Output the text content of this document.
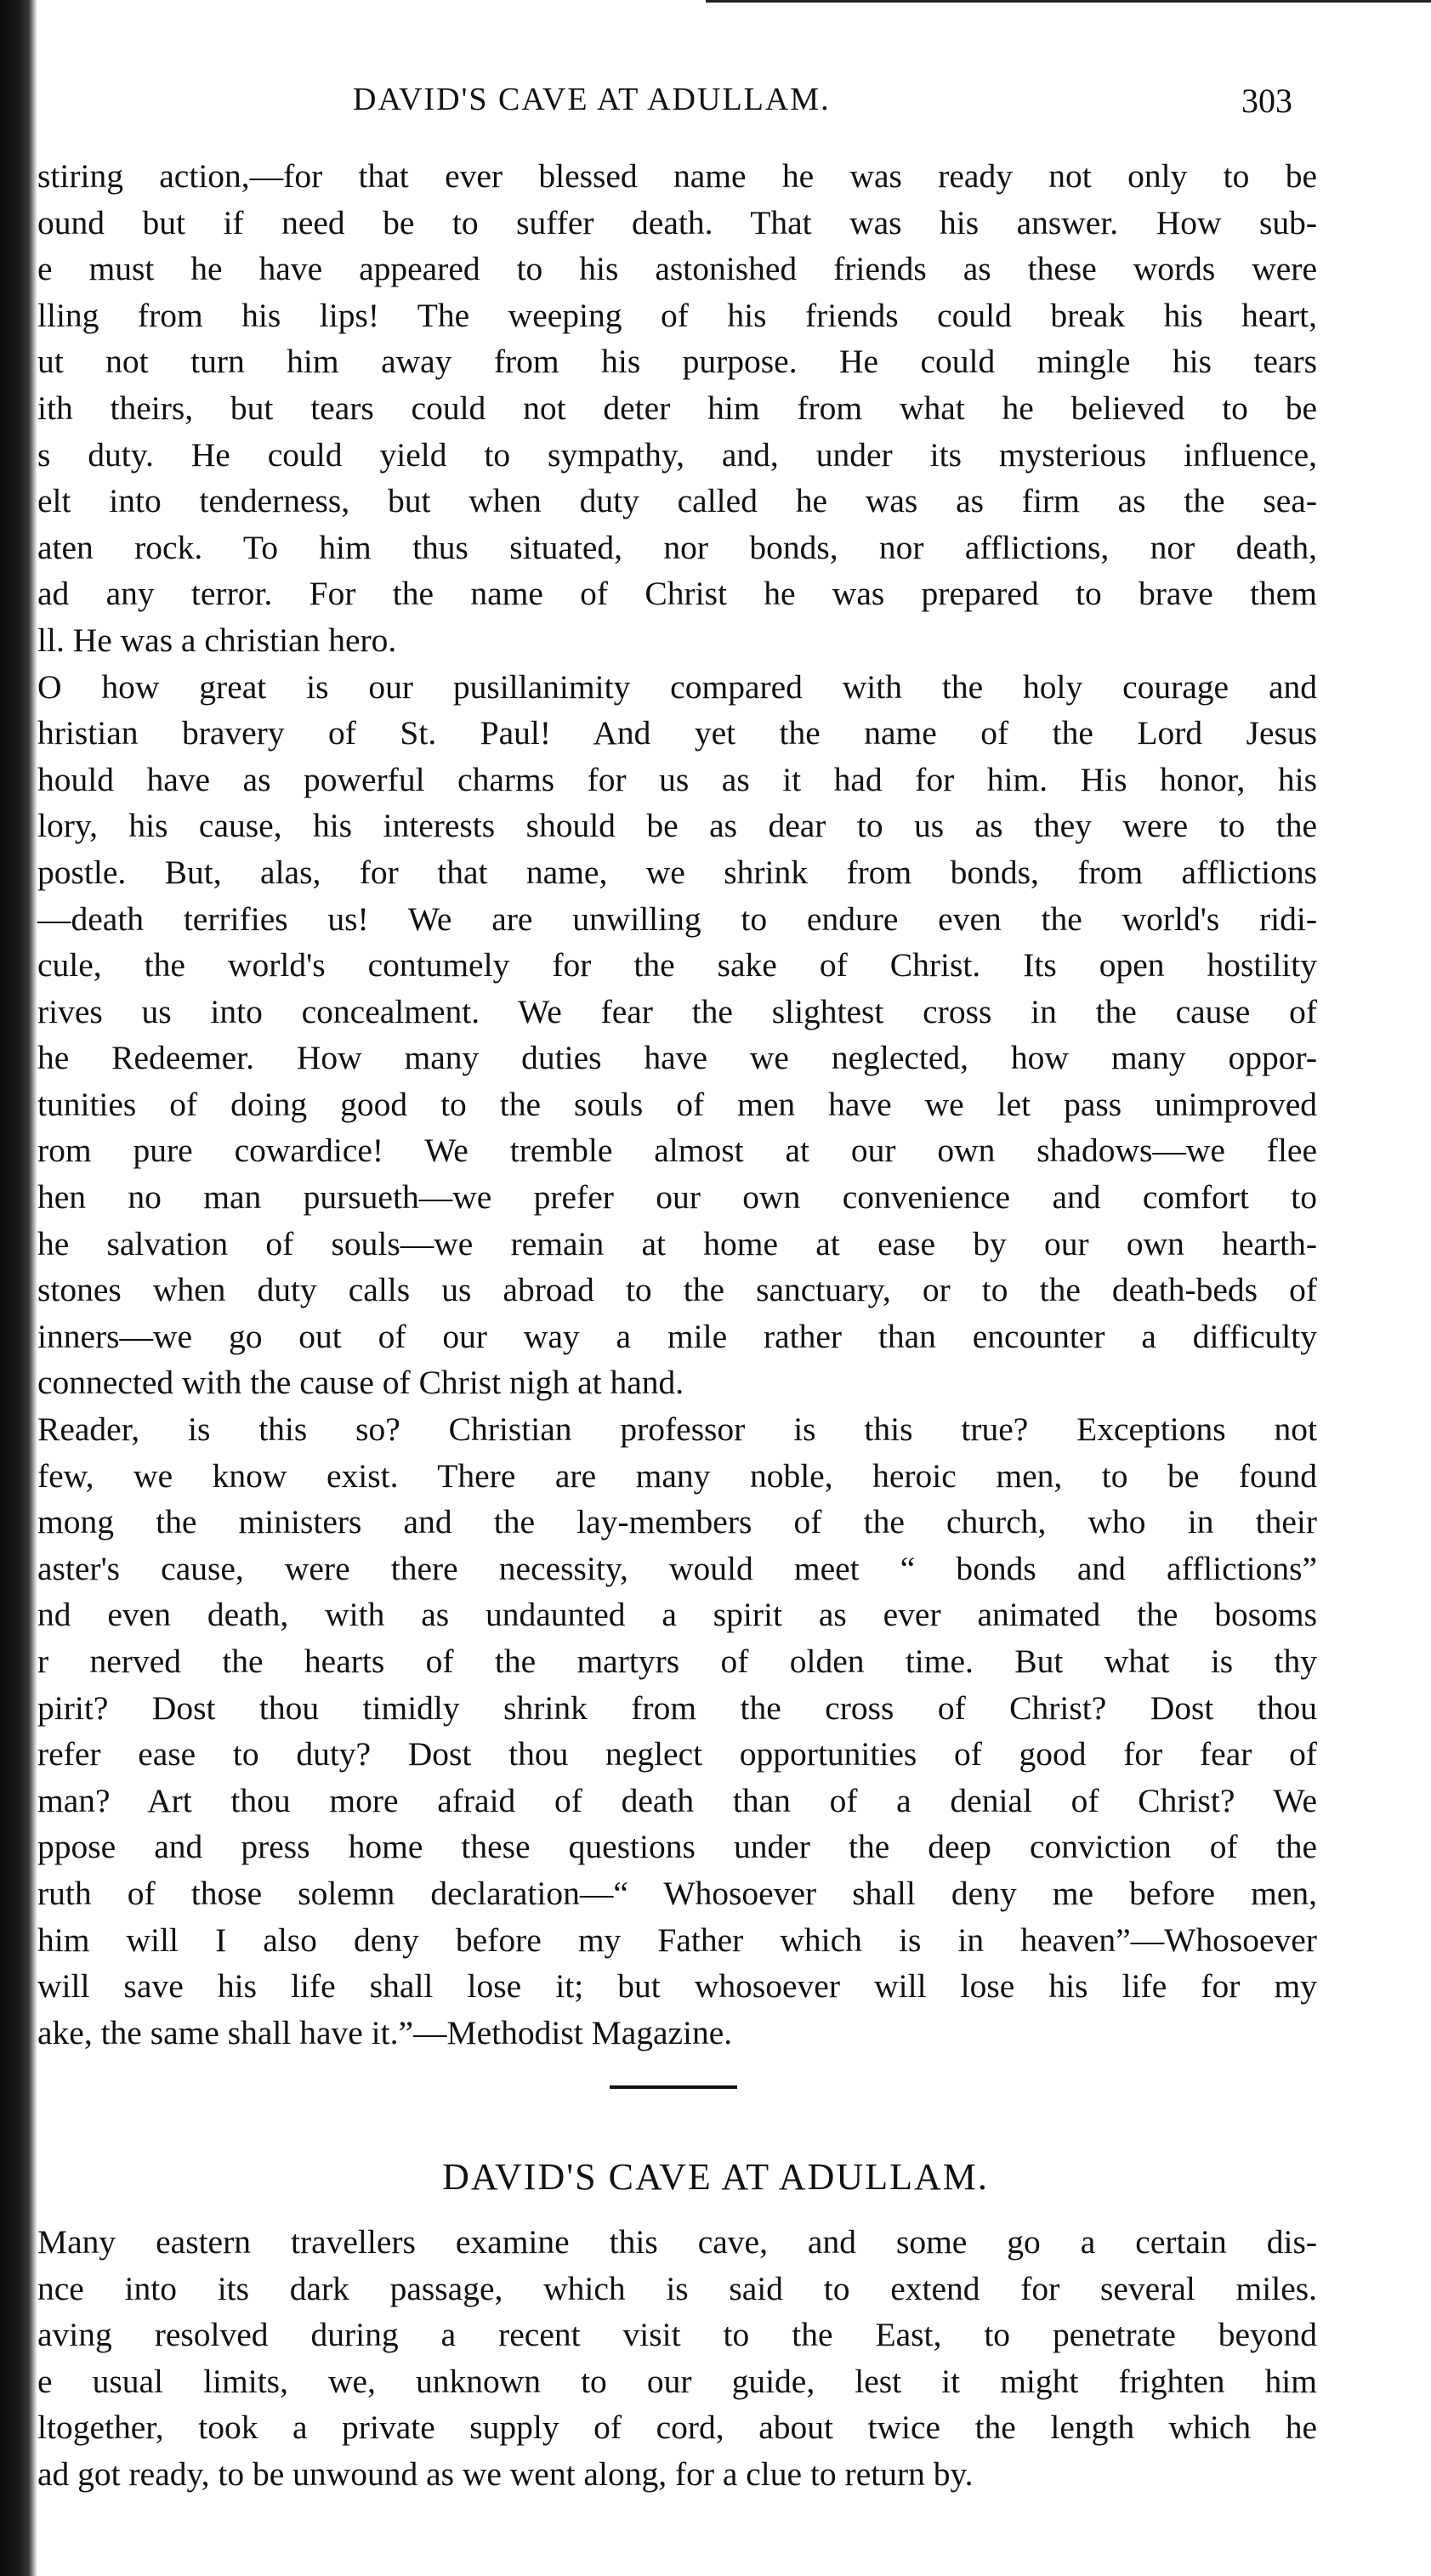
DAVID'S CAVE AT ADULLAM.	303
stiring action,—for that ever blessed name he was ready not only to be
ound but if need be to suffer death. That was his answer. How sub-
e must he have appeared to his astonished friends as these words were
lling from his lips! The weeping of his friends could break his heart,
ut not turn him away from his purpose. He could mingle his tears
ith theirs, but tears could not deter him from what he believed to be
s duty. He could yield to sympathy, and, under its mysterious influence,
elt into tenderness, but when duty called he was as firm as the sea-
aten rock. To him thus situated, nor bonds, nor afflictions, nor death,
ad any terror. For the name of Christ he was prepared to brave them
ll. He was a christian hero.
O how great is our pusillanimity compared with the holy courage and
hristian bravery of St. Paul! And yet the name of the Lord Jesus
hould have as powerful charms for us as it had for him. His honor, his
lory, his cause, his interests should be as dear to us as they were to the
postle. But, alas, for that name, we shrink from bonds, from afflictions
—death terrifies us! We are unwilling to endure even the world's ridi-
cule, the world's contumely for the sake of Christ. Its open hostility
rives us into concealment. We fear the slightest cross in the cause of
he Redeemer. How many duties have we neglected, how many oppor-
tunities of doing good to the souls of men have we let pass unimproved
rom pure cowardice! We tremble almost at our own shadows—we flee
hen no man pursueth—we prefer our own convenience and comfort to
he salvation of souls—we remain at home at ease by our own hearth-
stones when duty calls us abroad to the sanctuary, or to the death-beds of
inners—we go out of our way a mile rather than encounter a difficulty
connected with the cause of Christ nigh at hand.
Reader, is this so? Christian professor is this true? Exceptions not
few, we know exist. There are many noble, heroic men, to be found
mong the ministers and the lay-members of the church, who in their
aster's cause, were there necessity, would meet “ bonds and afflictions”
nd even death, with as undaunted a spirit as ever animated the bosoms
r nerved the hearts of the martyrs of olden time. But what is thy
pirit? Dost thou timidly shrink from the cross of Christ? Dost thou
refer ease to duty? Dost thou neglect opportunities of good for fear of
man? Art thou more afraid of death than of a denial of Christ? We
ppose and press home these questions under the deep conviction of the
ruth of those solemn declaration—“ Whosoever shall deny me before men,
him will I also deny before my Father which is in heaven”—Whosoever
will save his life shall lose it; but whosoever will lose his life for my
ake, the same shall have it.”—Methodist Magazine.
DAVID'S CAVE AT ADULLAM.
Many eastern travellers examine this cave, and some go a certain dis-
nce into its dark passage, which is said to extend for several miles.
aving resolved during a recent visit to the East, to penetrate beyond
e usual limits, we, unknown to our guide, lest it might frighten him
ltogether, took a private supply of cord, about twice the length which he
ad got ready, to be unwound as we went along, for a clue to return by.
